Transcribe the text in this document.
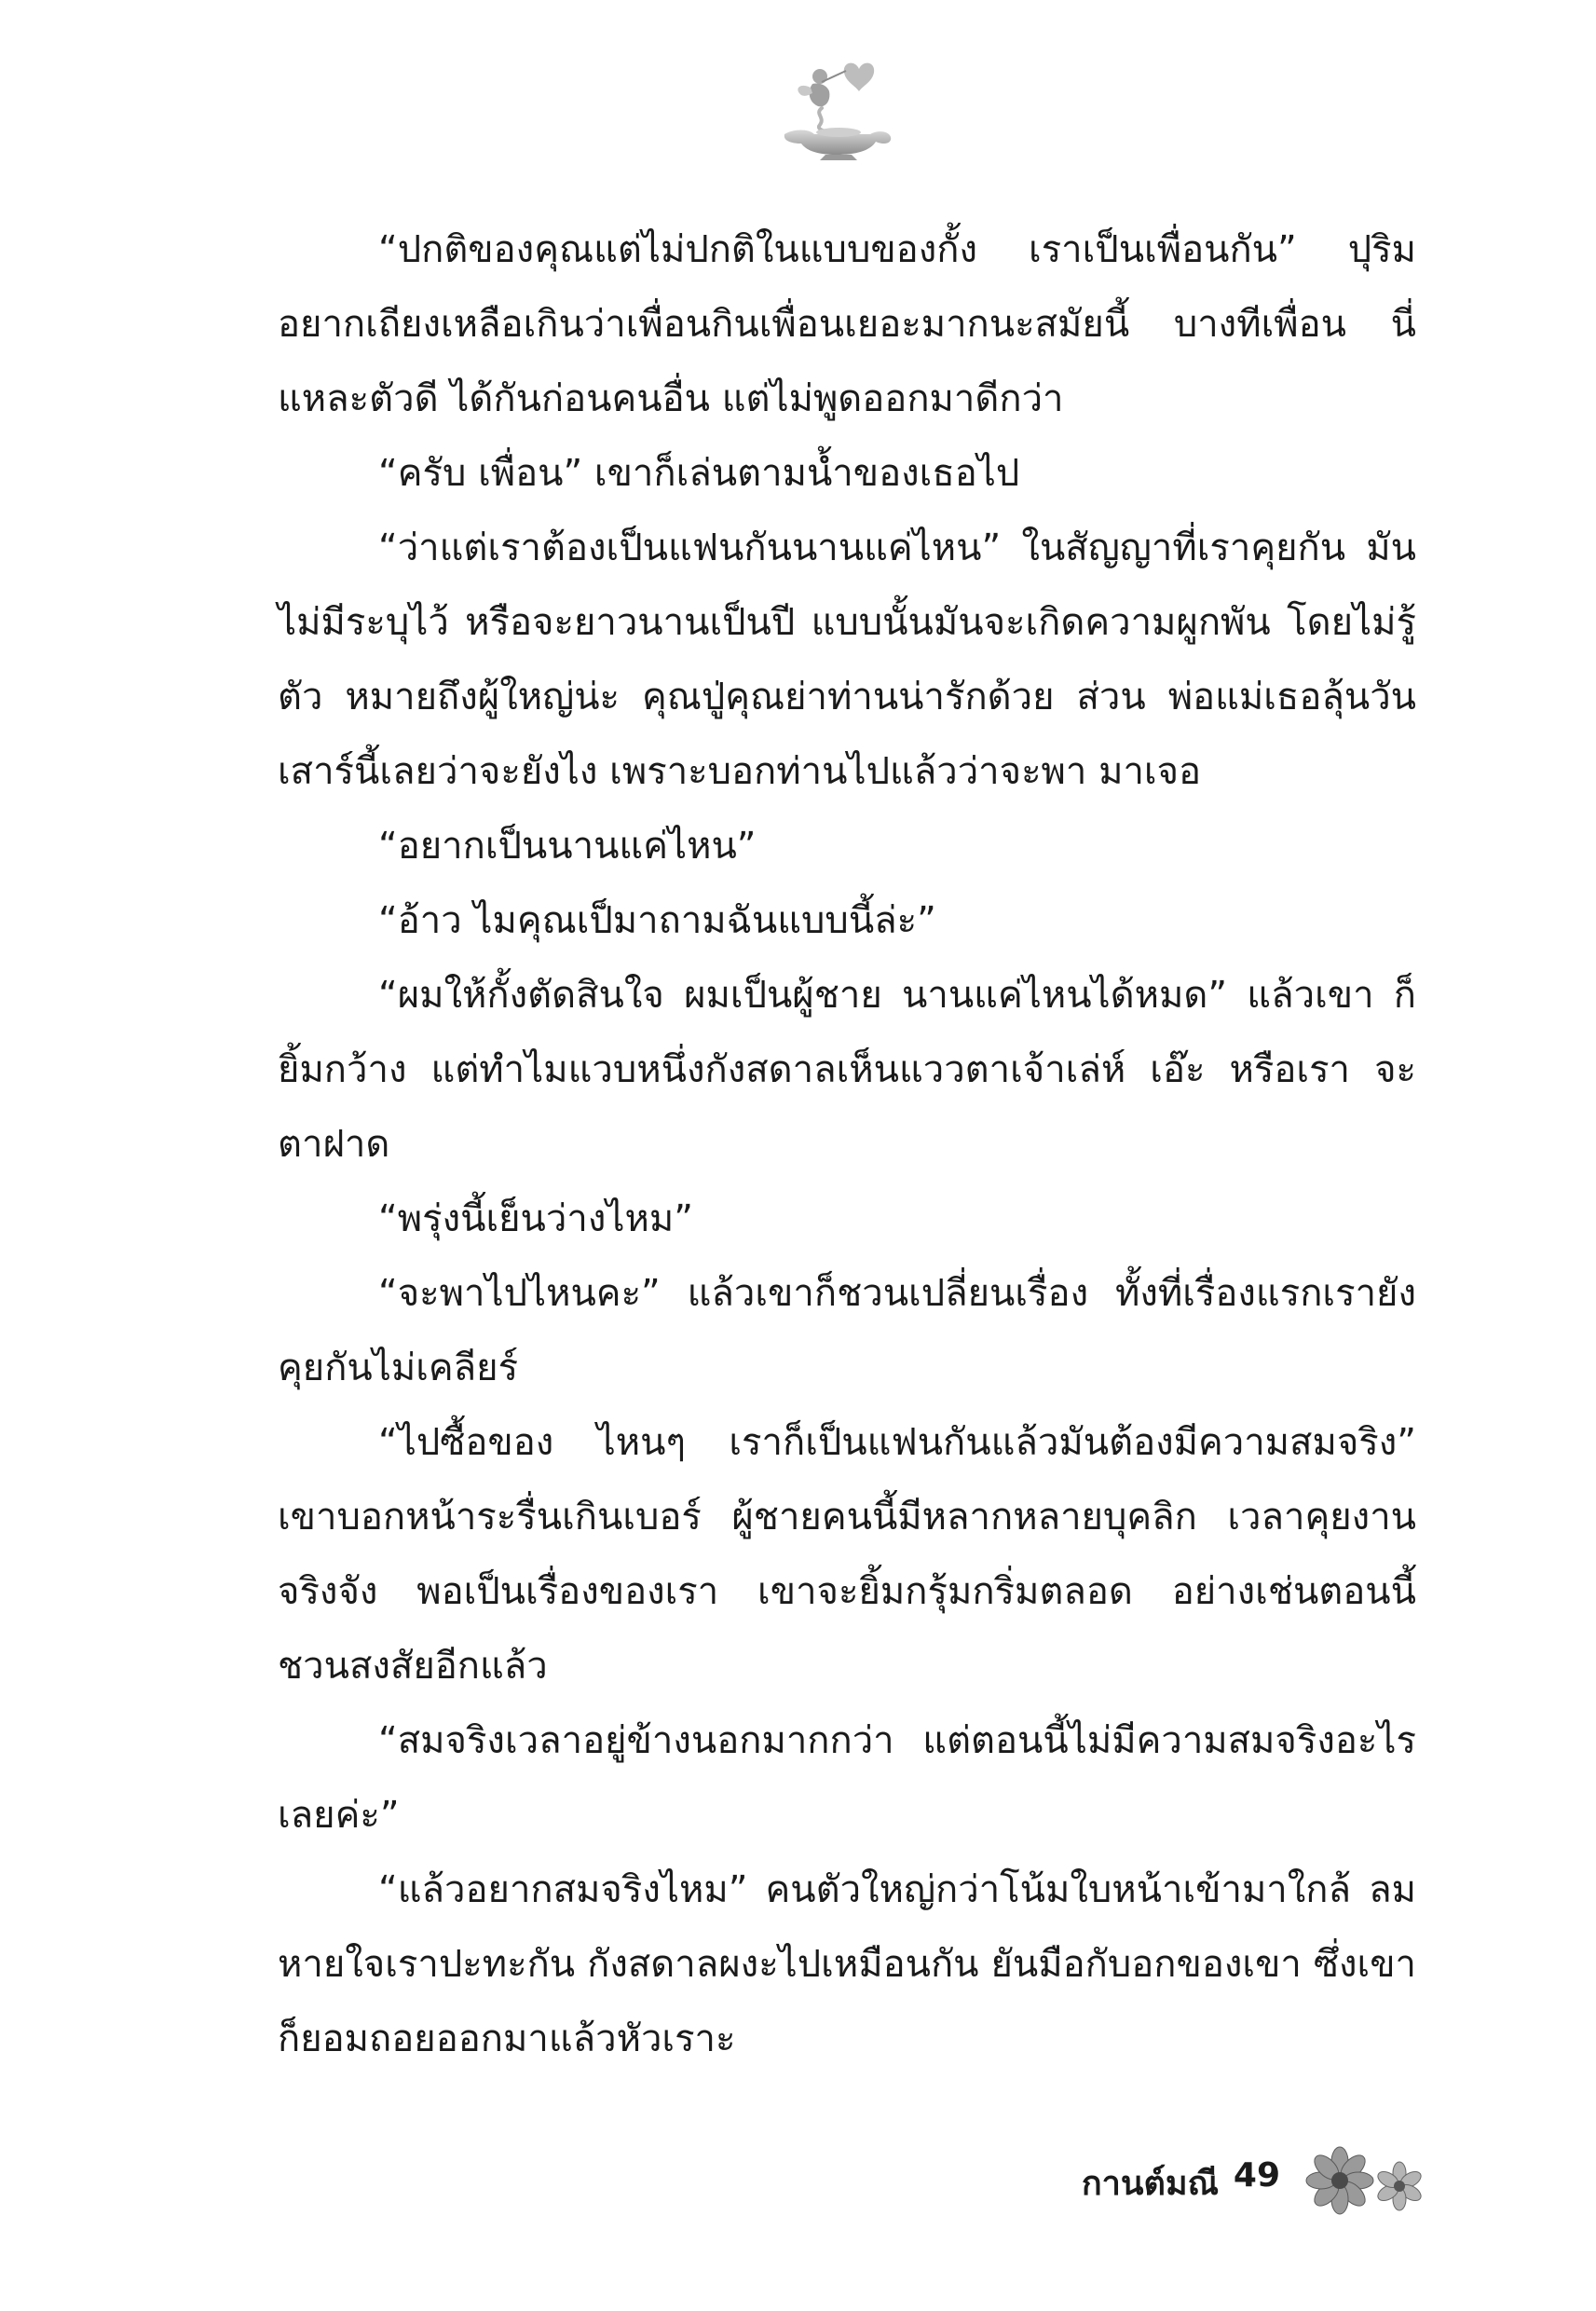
“ปกติของคุณแต่ไม่ปกติในแบบของกั้ง เราเป็นเพื่อนกัน” ปุริม อยากเถียงเหลือเกินว่าเพื่อนกินเพื่อนเยอะมากนะสมัยนี้ บางทีเพื่อน นี่แหละตัวดี ได้กันก่อนคนอื่น แต่ไม่พูดออกมาดีกว่า

“ครับ เพื่อน” เขาก็เล่นตามน้ำของเธอไป

“ว่าแต่เราต้องเป็นแฟนกันนานแค่ไหน” ในสัญญาที่เราคุยกัน มันไม่มีระบุไว้ หรือจะยาวนานเป็นปี แบบนั้นมันจะเกิดความผูกพัน โดยไม่รู้ตัว หมายถึงผู้ใหญ่น่ะ คุณปู่คุณย่าท่านน่ารักด้วย ส่วน พ่อแม่เธอลุ้นวันเสาร์นี้เลยว่าจะยังไง เพราะบอกท่านไปแล้วว่าจะพา มาเจอ

“อยากเป็นนานแค่ไหน”

“อ้าว ไมคุณเป็มาถามฉันแบบนี้ล่ะ”

“ผมให้กั้งตัดสินใจ ผมเป็นผู้ชาย นานแค่ไหนได้หมด” แล้วเขา ก็ยิ้มกว้าง แต่ทำไมแวบหนึ่งกังสดาลเห็นแววตาเจ้าเล่ห์ เอ๊ะ หรือเรา จะตาฝาด

“พรุ่งนี้เย็นว่างไหม”

“จะพาไปไหนคะ” แล้วเขาก็ชวนเปลี่ยนเรื่อง ทั้งที่เรื่องแรกเรายัง คุยกันไม่เคลียร์

“ไปซื้อของ ไหนๆ เราก็เป็นแฟนกันแล้วมันต้องมีความสมจริง” เขาบอกหน้าระรื่นเกินเบอร์ ผู้ชายคนนี้มีหลากหลายบุคลิก เวลาคุยงาน จริงจัง พอเป็นเรื่องของเรา เขาจะยิ้มกรุ้มกริ่มตลอด อย่างเช่นตอนนี้ ชวนสงสัยอีกแล้ว

“สมจริงเวลาอยู่ข้างนอกมากกว่า แต่ตอนนี้ไม่มีความสมจริงอะไร เลยค่ะ”

“แล้วอยากสมจริงไหม” คนตัวใหญ่กว่าโน้มใบหน้าเข้ามาใกล้ ลมหายใจเราปะทะกัน กังสดาลผงะไปเหมือนกัน ยันมือกับอกของเขา ซึ่งเขาก็ยอมถอยออกมาแล้วหัวเราะ

กานต์มณี 49
